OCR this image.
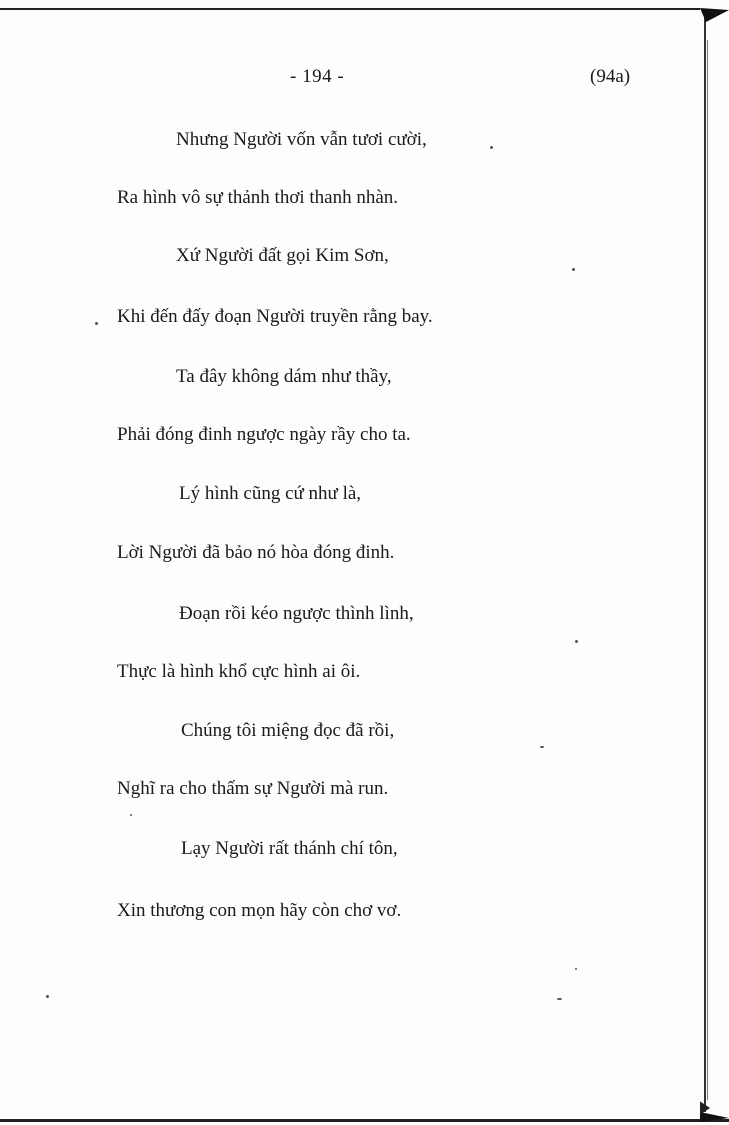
- 194 -	(94a)
Nhưng Người vốn vẫn tươi cười,
Ra hình vô sự thảnh thơi thanh nhàn.
Xứ Người đất gọi Kim Sơn,
Khi đến đấy đoạn Người truyền rằng bay.
Ta đây không dám như thầy,
Phải đóng đinh ngược ngày rầy cho ta.
Lý hình cũng cứ như là,
Lời Người đã bảo nó hòa đóng đinh.
Đoạn rồi kéo ngược thình lình,
Thực là hình khổ cực hình ai ôi.
Chúng tôi miệng đọc đã rồi,
Nghĩ ra cho thấm sự Người mà run.
Lạy Người rất thánh chí tôn,
Xin thương con mọn hãy còn chơ vơ.
